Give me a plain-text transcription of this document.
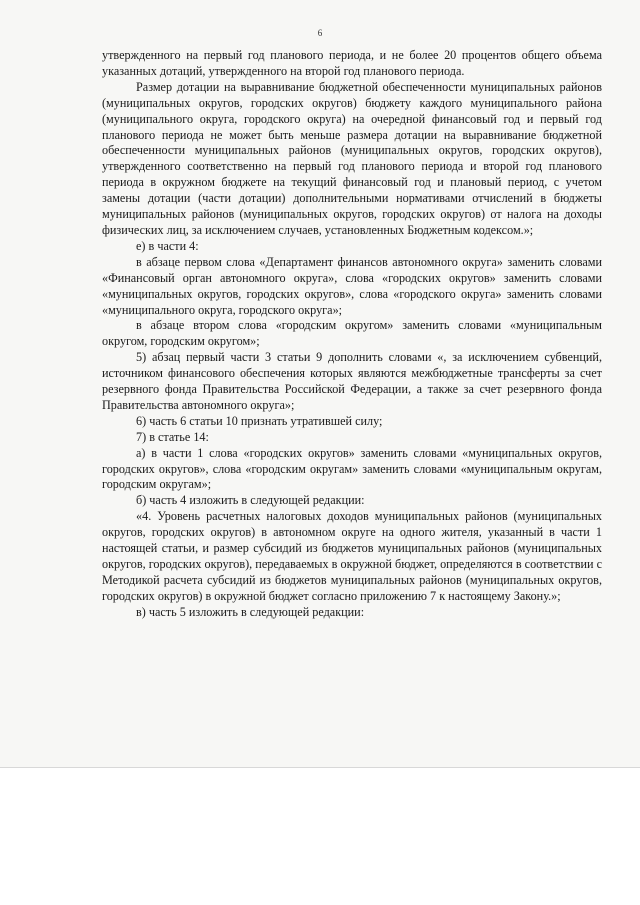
6

утвержденного на первый год планового периода, и не более 20 процентов общего объема указанных дотаций, утвержденного на второй год планового периода.

Размер дотации на выравнивание бюджетной обеспеченности муниципальных районов (муниципальных округов, городских округов) бюджету каждого муниципального района (муниципального округа, городского округа) на очередной финансовый год и первый год планового периода не может быть меньше размера дотации на выравнивание бюджетной обеспеченности муниципальных районов (муниципальных округов, городских округов), утвержденного соответственно на первый год планового периода и второй год планового периода в окружном бюджете на текущий финансовый год и плановый период, с учетом замены дотации (части дотации) дополнительными нормативами отчислений в бюджеты муниципальных районов (муниципальных округов, городских округов) от налога на доходы физических лиц, за исключением случаев, установленных Бюджетным кодексом.»;

е) в части 4:

в абзаце первом слова «Департамент финансов автономного округа» заменить словами «Финансовый орган автономного округа», слова «городских округов» заменить словами «муниципальных округов, городских округов», слова «городского округа» заменить словами «муниципального округа, городского округа»;

в абзаце втором слова «городским округом» заменить словами «муниципальным округом, городским округом»;

5) абзац первый части 3 статьи 9 дополнить словами «, за исключением субвенций, источником финансового обеспечения которых являются межбюджетные трансферты за счет резервного фонда Правительства Российской Федерации, а также за счет резервного фонда Правительства автономного округа»;

6) часть 6 статьи 10 признать утратившей силу;

7) в статье 14:

а) в части 1 слова «городских округов» заменить словами «муниципальных округов, городских округов», слова «городским округам» заменить словами «муниципальным округам, городским округам»;

б) часть 4 изложить в следующей редакции:

«4. Уровень расчетных налоговых доходов муниципальных районов (муниципальных округов, городских округов) в автономном округе на одного жителя, указанный в части 1 настоящей статьи, и размер субсидий из бюджетов муниципальных районов (муниципальных округов, городских округов), передаваемых в окружной бюджет, определяются в соответствии с Методикой расчета субсидий из бюджетов муниципальных районов (муниципальных округов, городских округов) в окружной бюджет согласно приложению 7 к настоящему Закону.»;

в) часть 5 изложить в следующей редакции:
